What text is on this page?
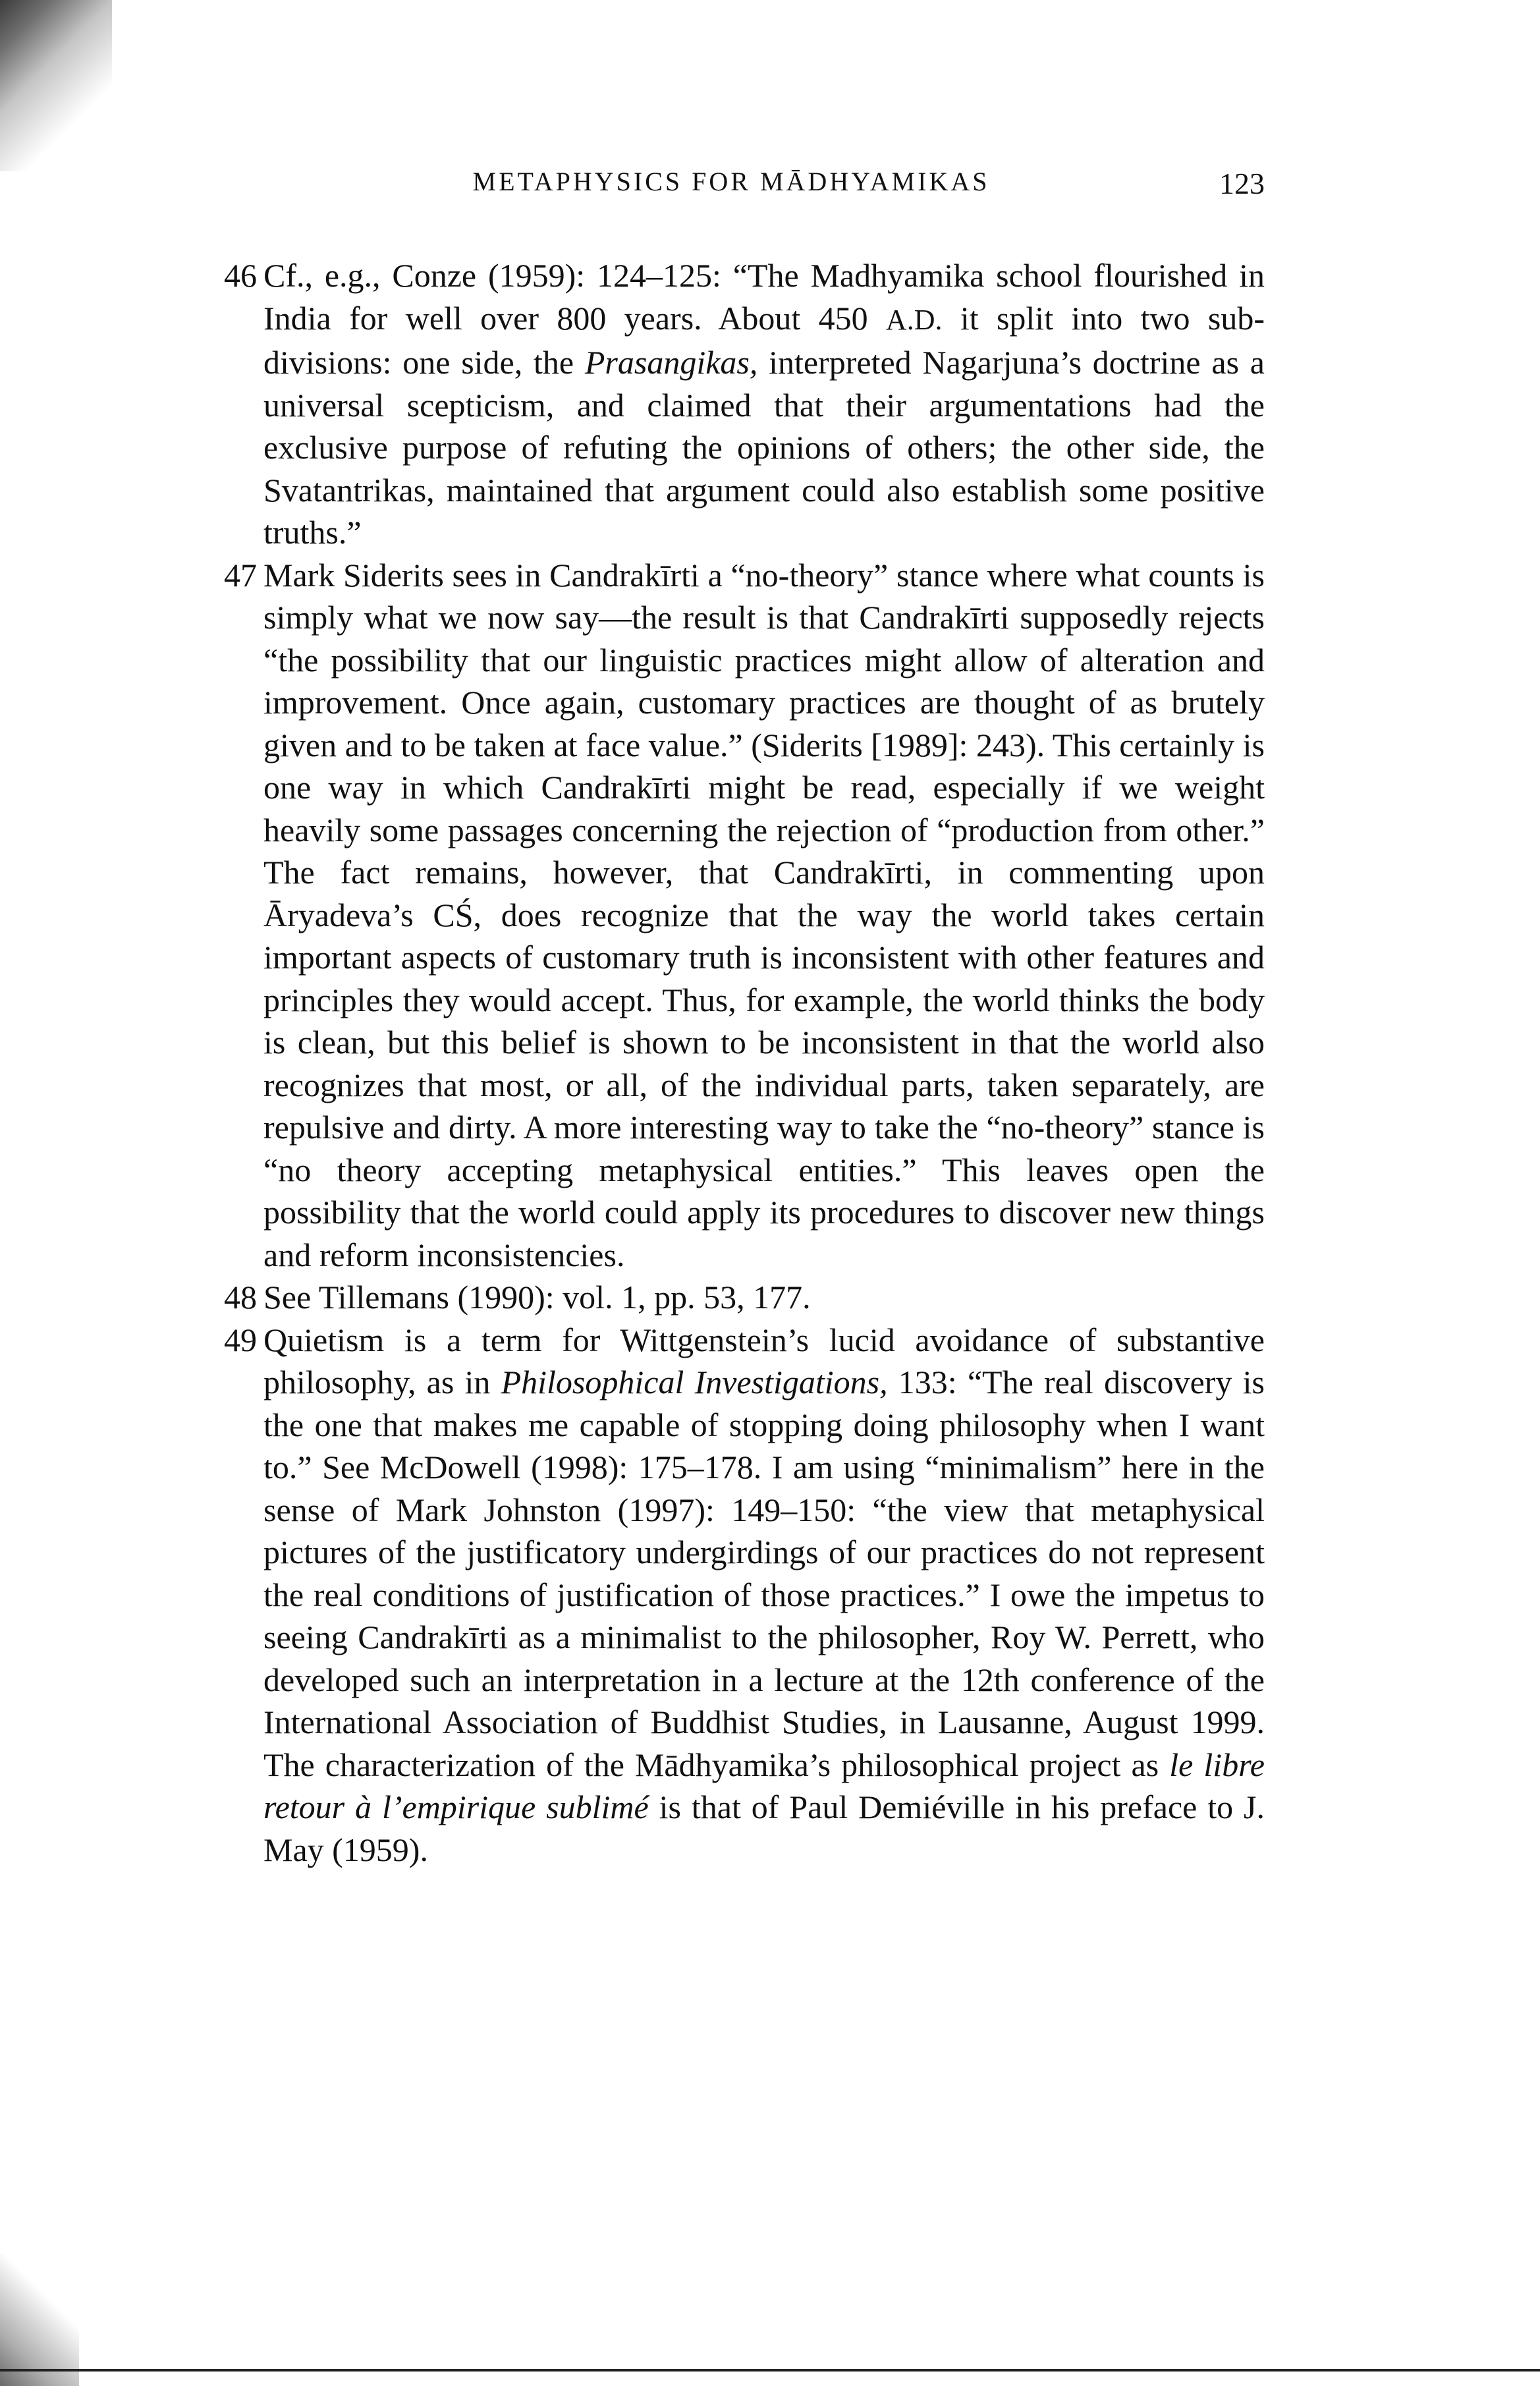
METAPHYSICS FOR MĀDHYAMIKAS	123
46 Cf., e.g., Conze (1959): 124–125: “The Madhyamika school flourished in India for well over 800 years. About 450 A.D. it split into two sub-divisions: one side, the Prasangikas, interpreted Nagarjuna’s doctrine as a universal scepticism, and claimed that their argumentations had the exclusive purpose of refuting the opinions of others; the other side, the Svatantrikas, maintained that argument could also establish some positive truths.”
47 Mark Siderits sees in Candrakīrti a “no-theory” stance where what counts is simply what we now say—the result is that Candrakīrti supposedly rejects “the possibility that our linguistic practices might allow of alteration and improvement. Once again, customary practices are thought of as brutely given and to be taken at face value.” (Siderits [1989]: 243). This certainly is one way in which Candrakīrti might be read, especially if we weight heavily some passages concerning the rejection of “production from other.” The fact remains, however, that Candrakīrti, in commenting upon Āryadeva’s CŚ, does recognize that the way the world takes certain important aspects of customary truth is inconsistent with other features and principles they would accept. Thus, for example, the world thinks the body is clean, but this belief is shown to be inconsistent in that the world also recognizes that most, or all, of the individual parts, taken separately, are repulsive and dirty. A more interesting way to take the “no-theory” stance is “no theory accepting metaphysical entities.” This leaves open the possibility that the world could apply its procedures to discover new things and reform inconsistencies.
48 See Tillemans (1990): vol. 1, pp. 53, 177.
49 Quietism is a term for Wittgenstein’s lucid avoidance of substantive philosophy, as in Philosophical Investigations, 133: “The real discovery is the one that makes me capable of stopping doing philosophy when I want to.” See McDowell (1998): 175–178. I am using “minimalism” here in the sense of Mark Johnston (1997): 149–150: “the view that metaphysical pictures of the justificatory undergirdings of our practices do not represent the real conditions of justification of those practices.” I owe the impetus to seeing Candrakīrti as a minimalist to the philosopher, Roy W. Perrett, who developed such an interpretation in a lecture at the 12th conference of the International Association of Buddhist Studies, in Lausanne, August 1999. The characterization of the Mādhyamika’s philosophical project as le libre retour à l’empirique sublimé is that of Paul Demiéville in his preface to J. May (1959).
